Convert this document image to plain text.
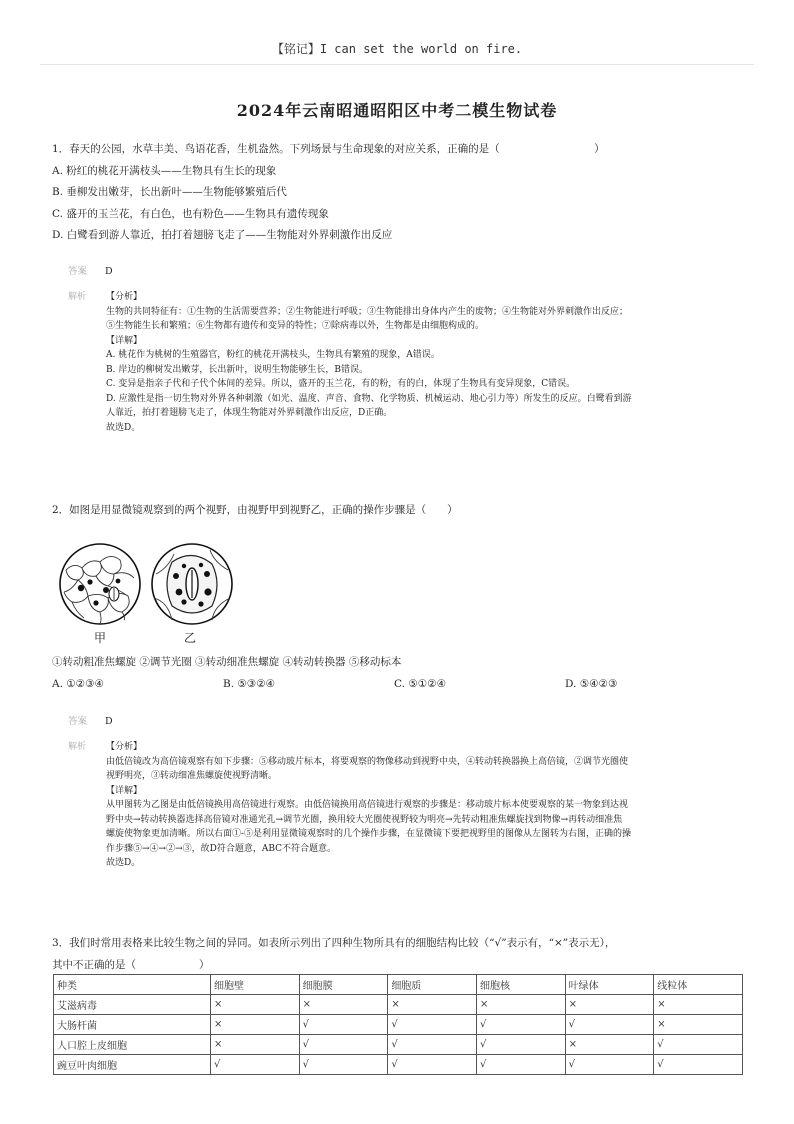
【铭记】I can set the world on fire.
2024年云南昭通昭阳区中考二模生物试卷
1．春天的公园，水草丰美、鸟语花香，生机盎然。下列场景与生命现象的对应关系，正确的是（　　　　　　　　　）
A. 粉红的桃花开满枝头——生物具有生长的现象
B. 垂柳发出嫩芽，长出新叶——生物能够繁殖后代
C. 盛开的玉兰花，有白色，也有粉色——生物具有遗传现象
D. 白鹭看到游人靠近，拍打着翅膀飞走了——生物能对外界刺激作出反应
答案 D
解析 【分析】

生物的共同特征有：①生物的生活需要营养；②生物能进行呼吸；③生物能排出身体内产生的废物；④生物能对外界刺激作出反应；

⑤生物能生长和繁殖；⑥生物都有遗传和变异的特性；⑦除病毒以外，生物都是由细胞构成的。

【详解】

A. 桃花作为桃树的生殖器官，粉红的桃花开满枝头，生物具有繁殖的现象，A错误。

B. 岸边的柳树发出嫩芽，长出新叶，说明生物能够生长，B错误。

C. 变异是指亲子代和子代个体间的差异。所以，盛开的玉兰花，有的粉，有的白，体现了生物具有变异现象，C错误。

D. 应激性是指一切生物对外界各种刺激（如光、温度、声音、食物、化学物质、机械运动、地心引力等）所发生的反应。白鹭看到游

人靠近，拍打着翅膀飞走了，体现生物能对外界刺激作出反应，D正确。

故选D。

2．如图是用显微镜观察到的两个视野，由视野甲到视野乙，正确的操作步骤是（　　）
甲	乙
①转动粗准焦螺旋 ②调节光圈 ③转动细准焦螺旋 ④转动转换器 ⑤移动标本
A. ①②③④	B. ⑤③②④	C. ⑤①②④	D. ⑤④②③
答案 D
解析 【分析】

由低倍镜改为高倍镜观察有如下步骤：⑤移动玻片标本，将要观察的物像移动到视野中央，④转动转换器换上高倍镜，②调节光圈使

视野明亮，③转动细准焦螺旋使视野清晰。

【详解】

从甲图转为乙图是由低倍镜换用高倍镜进行观察。由低倍镜换用高倍镜进行观察的步骤是：移动玻片标本使要观察的某一物象到达视

野中央→转动转换器选择高倍镜对准通光孔→调节光圈，换用较大光圈使视野较为明亮→先转动粗准焦螺旋找到物像→再转动细准焦

螺旋使物象更加清晰。所以右面①-⑤是利用显微镜观察时的几个操作步骤，在显微镜下要把视野里的图像从左图转为右图，正确的操

作步骤⑤→④→②→③，故D符合题意，ABC不符合题意。

故选D。

3．我们时常用表格来比较生物之间的异同。如表所示列出了四种生物所具有的细胞结构比较（“√”表示有，“×”表示无），
其中不正确的是（　　　　　　）
种类	细胞壁	细胞膜	细胞质	细胞核	叶绿体	线粒体
艾滋病毒	×	×	×	×	×	×
大肠杆菌	×	√	√	√	√	×
人口腔上皮细胞	×	√	√	√	×	√
豌豆叶肉细胞	√	√	√	√	√	√
